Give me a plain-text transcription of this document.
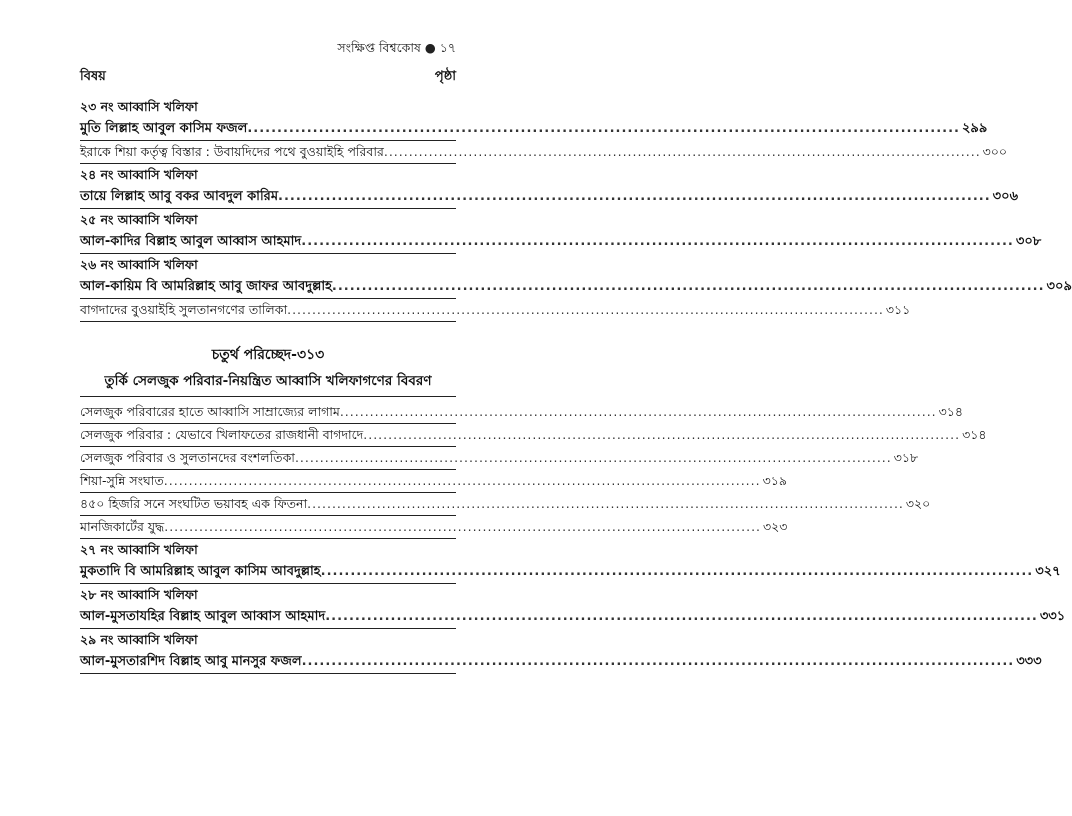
সংক্ষিপ্ত বিশ্বকোষ ● ১৭
বিষয়	পৃষ্ঠা
২৩ নং আব্বাসি খলিফা
মুতি লিল্লাহ আবুল কাসিম ফজল ........................................................................................................................ ২৯৯
ইরাকে শিয়া কর্তৃত্ব বিস্তার : উবায়দিদের পথে বুওয়াইহি পরিবার ........................................................................................................................ ৩০০
২৪ নং আব্বাসি খলিফা
তায়ে লিল্লাহ আবু বকর আবদুল কারিম ........................................................................................................................ ৩০৬
২৫ নং আব্বাসি খলিফা
আল-কাদির বিল্লাহ আবুল আব্বাস আহমাদ ........................................................................................................................ ৩০৮
২৬ নং আব্বাসি খলিফা
আল-কায়িম বি আমরিল্লাহ আবু জাফর আবদুল্লাহ ........................................................................................................................ ৩০৯
বাগদাদের বুওয়াইহি সুলতানগণের তালিকা ........................................................................................................................ ৩১১
চতুর্থ পরিচ্ছেদ-৩১৩
তুর্কি সেলজুক পরিবার-নিয়ন্ত্রিত আব্বাসি খলিফাগণের বিবরণ
সেলজুক পরিবারের হাতে আব্বাসি সাম্রাজ্যের লাগাম ........................................................................................................................ ৩১৪
সেলজুক পরিবার : যেভাবে খিলাফতের রাজধানী বাগদাদে ........................................................................................................................ ৩১৪
সেলজুক পরিবার ও সুলতানদের বংশলতিকা ........................................................................................................................ ৩১৮
শিয়া-সুন্নি সংঘাত ........................................................................................................................ ৩১৯
৪৫০ হিজরি সনে সংঘটিত ভয়াবহ এক ফিতনা ........................................................................................................................ ৩২০
মানজিকার্টের যুদ্ধ ........................................................................................................................ ৩২৩
২৭ নং আব্বাসি খলিফা
মুকতাদি বি আমরিল্লাহ আবুল কাসিম আবদুল্লাহ ........................................................................................................................ ৩২৭
২৮ নং আব্বাসি খলিফা
আল-মুসতাযহির বিল্লাহ আবুল আব্বাস আহমাদ ........................................................................................................................ ৩৩১
২৯ নং আব্বাসি খলিফা
আল-মুসতারশিদ বিল্লাহ আবু মানসুর ফজল ........................................................................................................................ ৩৩৩
